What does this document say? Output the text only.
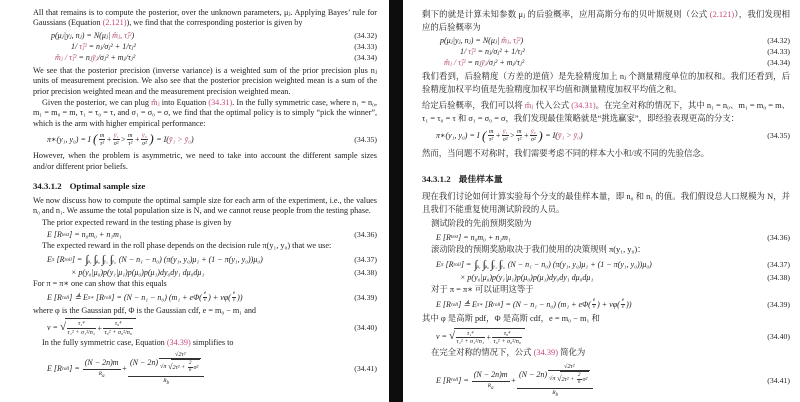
All that remains is to compute the posterior, over the unknown parameters, μⱼ. Applying Bayes’ rule for Gaussians (Equation (2.121)), we find that the corresponding posterior is given by

p(μⱼ|yⱼ, nⱼ) = N(μⱼ| m̂ⱼ, τ̂ⱼ² )	(34.32)
1/ τ̂ⱼ² = nⱼ/σⱼ² + 1/τⱼ²	(34.33)
m̂ⱼ / τ̂ⱼ² = nⱼ ȳⱼ /σⱼ² + mⱼ/τⱼ²	(34.34)

We see that the posterior precision (inverse variance) is a weighted sum of the prior precision plus nⱼ units of measurement precision. We also see that the posterior precision weighted mean is a sum of the prior precision weighted mean and the measurement precision weighted mean.

Given the posterior, we can plug m̂ⱼ into Equation (34.31). In the fully symmetric case, where n₁ = n₀, m₁ = m₀ = m, τ₁ = τ₀ = τ, and σ₁ = σ₀ = σ, we find that the optimal policy is to simply “pick the winner”, which is the arm with higher empirical performance:

π∗(y₁, y₀) = I ( $\frac{m}{\text{τ²}} + \frac{\text{ȳ₁}}{\text{σ²}} > \frac{m}{\text{τ²}} + \frac{\text{ȳ₀}}{\text{σ²}}$ ) = I( ȳ₁ > ȳ₀ )	(34.35)

However, when the problem is asymmetric, we need to take into account the different sample sizes and/or different prior beliefs.

34.3.1.2 Optimal sample size

We now discuss how to compute the optimal sample size for each arm of the experiment, i.e., the values n₀ and n₁. We assume the total population size is N, and we cannot reuse people from the testing phase.

The prior expected reward in the testing phase is given by

E [R test ] = n₀m₀ + n₁m₁	(34.36)

The expected reward in the roll phase depends on the decision rule π(y₁, y₀) that we use:

E π [R roll ] = $\int_{\mu_1}$ $\int_{\mu_0}$ $\int_{y_1}$ $\int_{y_0}$ (N − n₁ − n₀) (π(y₁, y₀)μ₁ + (1 − π(y₁, y₀))μ₀)	(34.37)
× p(y₀|μ₀)p(y₁|μ₁)p(μ₀)p(μ₁)dy₀dy₁ dμ₀dμ₁	(34.38)

For π = π∗ one can show that this equals

E [R roll ] ≜ E π∗ [R roll ] = (N − n₁ − n₀) ($m_1 + e\Phi( \frac{e}{v}$ ) + $v\varphi( \frac{e}{v}$ ))	(34.39)

where φ is the Gaussian pdf, Φ is the Gaussian cdf, e = m₀ − m₁ and

v = √ $\frac{\text{τ₁⁴}}{\text{τ₁² + σ₁²/n₁}} + \frac{\text{τ₀⁴}}{\text{τ₀² + σ₀²/n₀}}$	(34.40)

In the fully symmetric case, Equation (34.39) simplifies to

E [R roll ] =
(N − 2n)m
$R_a$
+
$(N - 2n) \frac{\text{√2τ²}}{√\pi √ 2\tau^2 + \frac{2}{n} \sigma^2}$
$R_b$
(34.41)

剩下的就是计算未知参数 μⱼ 的后验概率，应用高斯分布的贝叶斯规则（公式 (2.121)），我们发现相应的后验概率为

p(μⱼ|yⱼ, nⱼ) = N(μⱼ| m̂ⱼ, τ̂ⱼ² )	(34.32)
1/ τ̂ⱼ² = nⱼ/σⱼ² + 1/τⱼ²	(34.33)
m̂ⱼ / τ̂ⱼ² = nⱼ ȳⱼ /σⱼ² + mⱼ/τⱼ²	(34.34)

我们看到，后验精度（方差的逆值）是先验精度加上 nⱼ 个测量精度单位的加权和。我们还看到，后验精度加权平均值是先验精度加权平均值和测量精度加权平均值之和。

给定后验概率，我们可以将 m̂ⱼ 代入公式 (34.31)。在完全对称的情况下，其中 n₁ = n₀、m₁ = m₀ = m、τ₁ = τ₀ = τ 和 σ₁ = σ₀ = σ，我们发现最佳策略就是“挑选赢家”，即经验表现更高的分支：

π∗(y₁, y₀) = I ( $\frac{m}{\text{τ²}} + \frac{\text{ȳ₁}}{\text{σ²}} > \frac{m}{\text{τ²}} + \frac{\text{ȳ₀}}{\text{σ²}}$ ) = I( ȳ₁ > ȳ₀ )	(34.35)

然而，当问题不对称时，我们需要考虑不同的样本大小和/或不同的先验信念。

34.3.1.2 最佳样本量

现在我们讨论如何计算实验每个分支的最佳样本量，即 n₀ 和 n₁ 的值。我们假设总人口规模为 N，并且我们不能重复使用测试阶段的人员。

测试阶段的先前预期奖励为

E [R test ] = n₀m₀ + n₁m₁	(34.36)

滚动阶段的预期奖励取决于我们使用的决策规则 π(y₁, y₀)：

E π [R roll ] = $\int_{\mu_1}$ $\int_{\mu_0}$ $\int_{y_1}$ $\int_{y_0}$ (N − n₁ − n₀) (π(y₁, y₀)μ₁ + (1 − π(y₁, y₀))μ₀)	(34.37)
× p(y₀|μ₀)p(y₁|μ₁)p(μ₀)p(μ₁)dy₀dy₁ dμ₀dμ₁	(34.38)

对于 π = π∗ 可以证明这等于

E [R roll ] ≜ E π∗ [R roll ] = (N − n₁ − n₀) ($m_1 + e\Phi( \frac{e}{v}$ ) + $v\varphi( \frac{e}{v}$ ))	(34.39)

其中 φ 是高斯 pdf，Φ 是高斯 cdf，e = m₀ − m₁ 和

v = √ $\frac{\text{τ₁⁴}}{\text{τ₁² + σ₁²/n₁}} + \frac{\text{τ₀⁴}}{\text{τ₀² + σ₀²/n₀}}$	(34.40)

在完全对称的情况下，公式 (34.39) 简化为

E [R roll ] =
(N − 2n)m
$R_a$
+
$(N - 2n) \frac{\text{√2τ²}}{√\pi √ 2\tau^2 + \frac{2}{n} \sigma^2}$
$R_b$
(34.41)
